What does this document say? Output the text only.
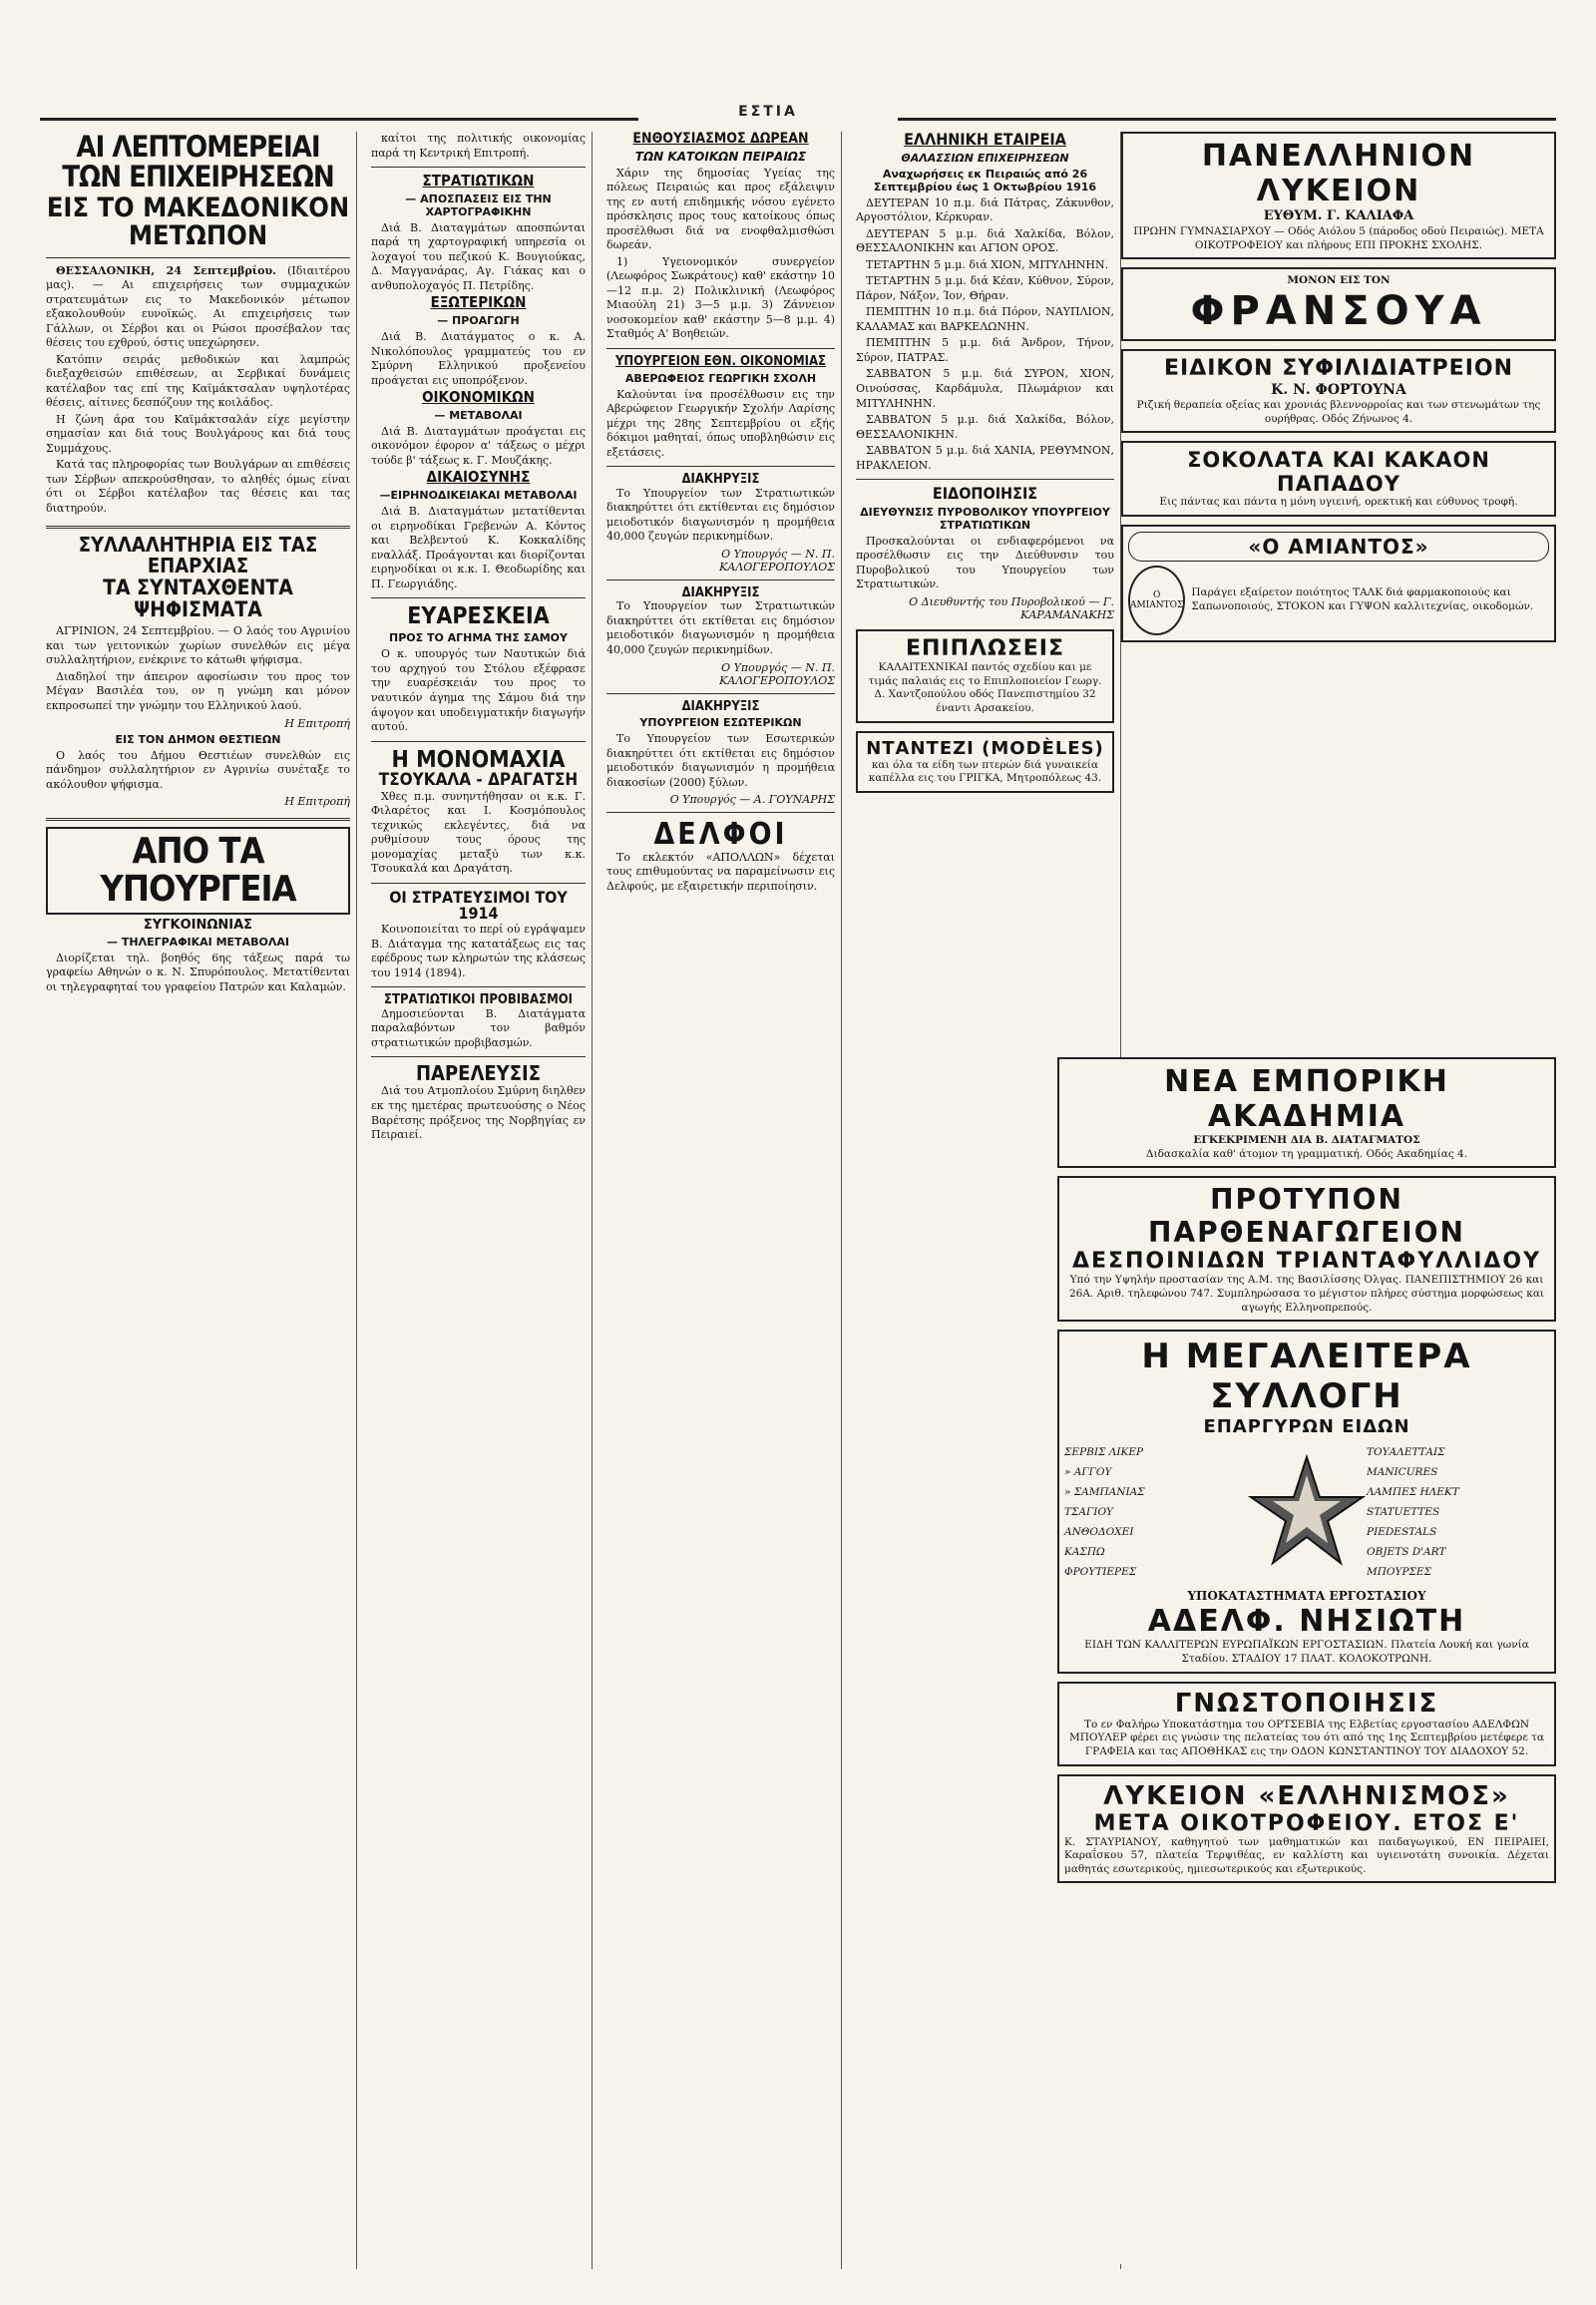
ΕΣΤΙΑ
ΑΙ ΛΕΠΤΟΜΕΡΕΙΑΙ ΤΩΝ ΕΠΙΧΕΙΡΗΣΕΩΝ
ΕΙΣ ΤΟ ΜΑΚΕΔΟΝΙΚΟΝ ΜΕΤΩΠΟΝ

ΘΕΣΣΑΛΟΝΙΚΗ, 24 Σεπτεμβρίου. (Ιδιαιτέρου μας). — Αι επιχειρήσεις των συμμαχικών στρατευμάτων εις το Μακεδονικόν μέτωπον εξακολουθούν ευνοϊκώς. Αι επιχειρήσεις των Γάλλων, οι Σέρβοι και οι Ρώσοι προσέβαλον τας θέσεις του εχθρού, όστις υπεχώρησεν.

Κατόπιν σειράς μεθοδικών και λαμπρώς διεξαχθεισών επιθέσεων, αι Σερβικαί δυνάμεις κατέλαβον τας επί της Καϊμάκτσαλαν υψηλοτέρας θέσεις, αίτινες δεσπόζουν της κοιλάδος.

Η ζώνη άρα του Καϊμάκτσαλάν είχε μεγίστην σημασίαν και διά τους Βουλγάρους και διά τους Συμμάχους.

Κατά τας πληροφορίας των Βουλγάρων αι επιθέσεις των Σέρβων απεκρούσθησαν, το αληθές όμως είναι ότι οι Σέρβοι κατέλαβον τας θέσεις και τας διατηρούν.

ΣΥΛΛΑΛΗΤΗΡΙΑ ΕΙΣ ΤΑΣ ΕΠΑΡΧΙΑΣ
ΤΑ ΣΥΝΤΑΧΘΕΝΤΑ ΨΗΦΙΣΜΑΤΑ

ΑΓΡΙΝΙΟΝ, 24 Σεπτεμβρίου. — Ο λαός του Αγρινίου και των γειτονικών χωρίων συνελθών εις μέγα συλλαλητήριον, ενέκρινε το κάτωθι ψήφισμα.

Διαδηλοί την άπειρον αφοσίωσιν του προς τον Μέγαν Βασιλέα του, ον η γνώμη και μόνον εκπροσωπεί την γνώμην του Ελληνικού λαού.

Η Επιτροπή
ΕΙΣ ΤΟΝ ΔΗΜΟΝ ΘΕΣΤΙΕΩΝ

Ο λαός του Δήμου Θεστιέων συνελθών εις πάνδημον συλλαλητήριον εν Αγρινίω συνέταξε το ακόλουθον ψήφισμα.

Η Επιτροπή
ΑΠΟ ΤΑ ΥΠΟΥΡΓΕΙΑ
ΣΥΓΚΟΙΝΩΝΙΑΣ
— ΤΗΛΕΓΡΑΦΙΚΑΙ ΜΕΤΑΒΟΛΑΙ

Διορίζεται τηλ. βοηθός 6ης τάξεως παρά τω γραφείω Αθηνών ο κ. Ν. Σπυρόπουλος. Μετατίθενται οι τηλεγραφηταί του γραφείου Πατρών και Καλαμών.

καίτοι της πολιτικής οικονομίας παρά τη Κεντρική Επιτροπή.

ΣΤΡΑΤΙΩΤΙΚΩΝ
— ΑΠΟΣΠΑΣΕΙΣ ΕΙΣ ΤΗΝ ΧΑΡΤΟΓΡΑΦΙΚΗΝ

Διά Β. Διαταγμάτων αποσπώνται παρά τη χαρτογραφική υπηρεσία οι λοχαγοί του πεζικού Κ. Βουγιούκας, Δ. Μαγγανάρας, Αγ. Γιάκας και ο ανθυπολοχαγός Π. Πετρίδης.

ΕΞΩΤΕΡΙΚΩΝ
— ΠΡΟΑΓΩΓΗ

Διά Β. Διατάγματος ο κ. Α. Νικολόπουλος γραμματεύς του εν Σμύρνη Ελληνικού προξενείου προάγεται εις υποπρόξενον.

ΟΙΚΟΝΟΜΙΚΩΝ
— ΜΕΤΑΒΟΛΑΙ

Διά Β. Διαταγμάτων προάγεται εις οικονόμον έφορον α' τάξεως ο μέχρι τούδε β' τάξεως κ. Γ. Μουζάκης.

ΔΙΚΑΙΟΣΥΝΗΣ
—ΕΙΡΗΝΟΔΙΚΕΙΑΚΑΙ ΜΕΤΑΒΟΛΑΙ

Διά Β. Διαταγμάτων μετατίθενται οι ειρηνοδίκαι Γρεβενών Α. Κόντος και Βελβεντού Κ. Κοκκαλίδης εναλλάξ. Προάγονται και διορίζονται ειρηνοδίκαι οι κ.κ. Ι. Θεοδωρίδης και Π. Γεωργιάδης.

ΕΥΑΡΕΣΚΕΙΑ
ΠΡΟΣ ΤΟ ΑΓΗΜΑ ΤΗΣ ΣΑΜΟΥ

Ο κ. υπουργός των Ναυτικών διά του αρχηγού του Στόλου εξέφρασε την ευαρέσκειάν του προς το ναυτικόν άγημα της Σάμου διά την άψογον και υποδειγματικήν διαγωγήν αυτού.

Η ΜΟΝΟΜΑΧΙΑ
ΤΣΟΥΚΑΛΑ - ΔΡΑΓΑΤΣΗ

Χθες π.μ. συνηντήθησαν οι κ.κ. Γ. Φιλαρέτος και Ι. Κοσμόπουλος τεχνικώς εκλεγέντες, διά να ρυθμίσουν τους όρους της μονομαχίας μεταξύ των κ.κ. Τσουκαλά και Δραγάτση.

ΟΙ ΣΤΡΑΤΕΥΣΙΜΟΙ ΤΟΥ 1914

Κοινοποιείται το περί ού εγράψαμεν Β. Διάταγμα της κατατάξεως εις τας εφέδρους των κληρωτών της κλάσεως του 1914 (1894).

ΣΤΡΑΤΙΩΤΙΚΟΙ ΠΡΟΒΙΒΑΣΜΟΙ

Δημοσιεύονται Β. Διατάγματα παραλαβόντων τον βαθμόν στρατιωτικών προβιβασμών.

ΠΑΡΕΛΕΥΣΙΣ

Διά του Ατμοπλοίου Σμύρνη διηλθεν εκ της ημετέρας πρωτευούσης ο Νέος Βαρέτσης πρόξενος της Νορβηγίας εν Πειραιεί.

ΕΝΘΟΥΣΙΑΣΜΟΣ ΔΩΡΕΑΝ
ΤΩΝ ΚΑΤΟΙΚΩΝ ΠΕΙΡΑΙΩΣ

Χάριν της δημοσίας Υγείας της πόλεως Πειραιώς και προς εξάλειψιν της εν αυτή επιδημικής νόσου εγένετο πρόσκλησις προς τους κατοίκους όπως προσέλθωσι διά να ενοφθαλμισθώσι δωρεάν.

1) Υγειονομικόν συνεργείον (Λεωφόρος Σωκράτους) καθ' εκάστην 10—12 π.μ. 2) Πολικλινική (Λεωφόρος Μιαούλη 21) 3—5 μ.μ. 3) Ζάννειον νοσοκομείον καθ' εκάστην 5—8 μ.μ. 4) Σταθμός Α' Βοηθειών.

ΥΠΟΥΡΓΕΙΟΝ ΕΘΝ. ΟΙΚΟΝΟΜΙΑΣ
ΑΒΕΡΩΦΕΙΟΣ ΓΕΩΡΓΙΚΗ ΣΧΟΛΗ

Καλούνται ίνα προσέλθωσιν εις την Αβερώφειον Γεωργικήν Σχολήν Λαρίσης μέχρι της 28ης Σεπτεμβρίου οι εξής δόκιμοι μαθηταί, όπως υποβληθώσιν εις εξετάσεις.

ΔΙΑΚΗΡΥΞΙΣ

Το Υπουργείον των Στρατιωτικών διακηρύττει ότι εκτίθενται εις δημόσιον μειοδοτικόν διαγωνισμόν η προμήθεια 40,000 ζευγών περικνημίδων.

Ο Υπουργός — Ν. Π. ΚΑΛΟΓΕΡΟΠΟΥΛΟΣ
ΔΙΑΚΗΡΥΞΙΣ

Το Υπουργείον των Στρατιωτικών διακηρύττει ότι εκτίθεται εις δημόσιον μειοδοτικόν διαγωνισμόν η προμήθεια 40,000 ζευγών περικνημίδων.

Ο Υπουργός — Ν. Π. ΚΑΛΟΓΕΡΟΠΟΥΛΟΣ
ΔΙΑΚΗΡΥΞΙΣ
ΥΠΟΥΡΓΕΙΟΝ ΕΣΩΤΕΡΙΚΩΝ

Το Υπουργείον των Εσωτερικών διακηρύττει ότι εκτίθεται εις δημόσιον μειοδοτικόν διαγωνισμόν η προμήθεια διακοσίων (2000) ξύλων.

Ο Υπουργός — Α. ΓΟΥΝΑΡΗΣ
ΔΕΛΦΟΙ

Το εκλεκτόν «ΑΠΟΛΛΩΝ» δέχεται τους επιθυμούντας να παραμείνωσιν εις Δελφούς, με εξαιρετικήν περιποίησιν.

ΕΛΛΗΝΙΚΗ ΕΤΑΙΡΕΙΑ
ΘΑΛΑΣΣΙΩΝ ΕΠΙΧΕΙΡΗΣΕΩΝ
Αναχωρήσεις εκ Πειραιώς από 26 Σεπτεμβρίου έως 1 Οκτωβρίου 1916

ΔΕΥΤΕΡΑΝ 10 π.μ. διά Πάτρας, Ζάκυνθον, Αργοστόλιον, Κέρκυραν.

ΔΕΥΤΕΡΑΝ 5 μ.μ. διά Χαλκίδα, Βόλον, ΘΕΣΣΑΛΟΝΙΚΗΝ και ΑΓΙΟΝ ΟΡΟΣ.

ΤΕΤΑΡΤΗΝ 5 μ.μ. διά ΧΙΟΝ, ΜΙΤΥΛΗΝΗΝ.

ΤΕΤΑΡΤΗΝ 5 μ.μ. διά Κέαν, Κύθνον, Σύρον, Πάρον, Νάξον, Ίον, Θήραν.

ΠΕΜΠΤΗΝ 10 π.μ. διά Πόρον, ΝΑΥΠΛΙΟΝ, ΚΑΛΑΜΑΣ και ΒΑΡΚΕΛΩΝΗΝ.

ΠΕΜΠΤΗΝ 5 μ.μ. διά Άνδρον, Τήνον, Σύρον, ΠΑΤΡΑΣ.

ΣΑΒΒΑΤΟΝ 5 μ.μ. διά ΣΥΡΟΝ, ΧΙΟΝ, Οινούσσας, Καρδάμυλα, Πλωμάριον και ΜΙΤΥΛΗΝΗΝ.

ΣΑΒΒΑΤΟΝ 5 μ.μ. διά Χαλκίδα, Βόλον, ΘΕΣΣΑΛΟΝΙΚΗΝ.

ΣΑΒΒΑΤΟΝ 5 μ.μ. διά ΧΑΝΙΑ, ΡΕΘΥΜΝΟΝ, ΗΡΑΚΛΕΙΟΝ.

ΕΙΔΟΠΟΙΗΣΙΣ
ΔΙΕΥΘΥΝΣΙΣ ΠΥΡΟΒΟΛΙΚΟΥ ΥΠΟΥΡΓΕΙΟΥ ΣΤΡΑΤΙΩΤΙΚΩΝ

Προσκαλούνται οι ενδιαφερόμενοι να προσέλθωσιν εις την Διεύθυνσιν του Πυροβολικού του Υπουργείου των Στρατιωτικών.

Ο Διευθυντής του Πυροβολικού — Γ. ΚΑΡΑΜΑΝΑΚΗΣ
ΕΠΙΠΛΩΣΕΙΣ
ΚΑΛΑΙΤΕΧΝΙΚΑΙ παντός σχεδίου και με τιμάς παλαιάς εις το Επιπλοποιείον Γεωργ. Δ. Χαντζοπούλου οδός Πανεπιστημίου 32 έναντι Αρσακείου.
ΝΤΑΝΤΕΖΙ (MODÈLES)
και όλα τα είδη των πτερών διά γυναικεία καπέλλα εις του ΓΡΙΓΚΑ, Μητροπόλεως 43.
ΠΑΝΕΛΛΗΝΙΟΝ ΛΥΚΕΙΟΝ
ΕΥΘΥΜ. Γ. ΚΑΛΙΑΦΑ
ΠΡΩΗΝ ΓΥΜΝΑΣΙΑΡΧΟΥ — Οδός Αιόλου 5 (πάροδος οδού Πειραιώς). ΜΕΤΑ ΟΙΚΟΤΡΟΦΕΙΟΥ και πλήρους ΕΠΙ ΠΡΟΚΗΣ ΣΧΟΛΗΣ.
ΜΟΝΟΝ ΕΙΣ ΤΟΝ
ΦΡΑΝΣΟΥΑ
ΕΙΔΙΚΟΝ ΣΥΦΙΛΙΔΙΑΤΡΕΙΟΝ
Κ. Ν. ΦΟΡΤΟΥΝΑ
Ριζική θεραπεία οξείας και χρονιάς βλεννορροίας και των στενωμάτων της ουρήθρας. Οδός Ζήνωνος 4.
ΣΟΚΟΛΑΤΑ ΚΑΙ ΚΑΚΑΟΝ ΠΑΠΑΔΟΥ
Εις πάντας και πάντα η μόνη υγιεινή, ορεκτική και εύθυνος τροφή.
«Ο ΑΜΙΑΝΤΟΣ»
Ο ΑΜΙΑΝΤΟΣ
Παράγει εξαίρετον ποιότητος ΤΑΛΚ διά φαρμακοποιούς και Σαπωνοποιούς, ΣΤΟΚΟΝ και ΓΥΨΟΝ καλλιτεχνίας, οικοδομών.
ΝΕΑ ΕΜΠΟΡΙΚΗ ΑΚΑΔΗΜΙΑ
ΕΓΚΕΚΡΙΜΕΝΗ ΔΙΑ Β. ΔΙΑΤΑΓΜΑΤΟΣ
Διδασκαλία καθ' άτομον τη γραμματική. Οδός Ακαδημίας 4.
ΠΡΟΤΥΠΟΝ ΠΑΡΘΕΝΑΓΩΓΕΙΟΝ
ΔΕΣΠΟΙΝΙΔΩΝ ΤΡΙΑΝΤΑΦΥΛΛΙΔΟΥ
Υπό την Υψηλήν προστασίαν της Α.Μ. της Βασιλίσσης Όλγας. ΠΑΝΕΠΙΣΤΗΜΙΟΥ 26 και 26Α. Αριθ. τηλεφώνου 747. Συμπληρώσασα το μέγιστον πλήρες σύστημα μορφώσεως και αγωγής Ελληνοπρεπούς.
Η ΜΕΓΑΛΕΙΤΕΡΑ ΣΥΛΛΟΓΗ
ΕΠΑΡΓΥΡΩΝ ΕΙΔΩΝ
ΣΕΡΒΙΣ ΛΙΚΕΡ
» ΑΓΓΟΥ
» ΣΑΜΠΑΝΙΑΣ
ΤΣΑΓΙΟΥ
ΑΝΘΟΔΟΧΕΙ
ΚΑΣΠΩ
ΦΡΟΥΤΙΕΡΕΣ
ΤΟΥΑΛΕΤΤΑΙΣ
MANICURES
ΛΑΜΠΕΣ ΗΛΕΚΤ
STATUETTES
PIEDESTALS
OBJETS D'ART
ΜΠΟΥΡΣΕΣ
ΥΠΟΚΑΤΑΣΤΗΜΑΤΑ ΕΡΓΟΣΤΑΣΙΟΥ
ΑΔΕΛΦ. ΝΗΣΙΩΤΗ
ΕΙΔΗ ΤΩΝ ΚΑΛΛΙΤΕΡΩΝ ΕΥΡΩΠΑΪΚΩΝ ΕΡΓΟΣΤΑΣΙΩΝ. Πλατεία Λουκή και γωνία Σταδίου. ΣΤΑΔΙΟΥ 17 ΠΛΑΤ. ΚΟΛΟΚΟΤΡΩΝΗ.
ΓΝΩΣΤΟΠΟΙΗΣΙΣ
Το εν Φαλήρω Υποκατάστημα του ΟΡΤΣΕΒΙΑ της Ελβετίας εργοστασίου ΑΔΕΛΦΩΝ ΜΠΟΥΛΕΡ φέρει εις γνώσιν της πελατείας του ότι από της 1ης Σεπτεμβρίου μετέφερε τα ΓΡΑΦΕΙΑ και τας ΑΠΟΘΗΚΑΣ εις την ΟΔΟΝ ΚΩΝΣΤΑΝΤΙΝΟΥ ΤΟΥ ΔΙΑΔΟΧΟΥ 52.
ΛΥΚΕΙΟΝ «ΕΛΛΗΝΙΣΜΟΣ»
ΜΕΤΑ ΟΙΚΟΤΡΟΦΕΙΟΥ. ΕΤΟΣ Ε'
Κ. ΣΤΑΥΡΙΑΝΟΥ, καθηγητού των μαθηματικών και παιδαγωγικού, ΕΝ ΠΕΙΡΑΙΕΙ, Καραΐσκου 57, πλατεία Τερψιθέας, εν καλλίστη και υγιεινοτάτη συνοικία. Δέχεται μαθητάς εσωτερικούς, ημιεσωτερικούς και εξωτερικούς.
